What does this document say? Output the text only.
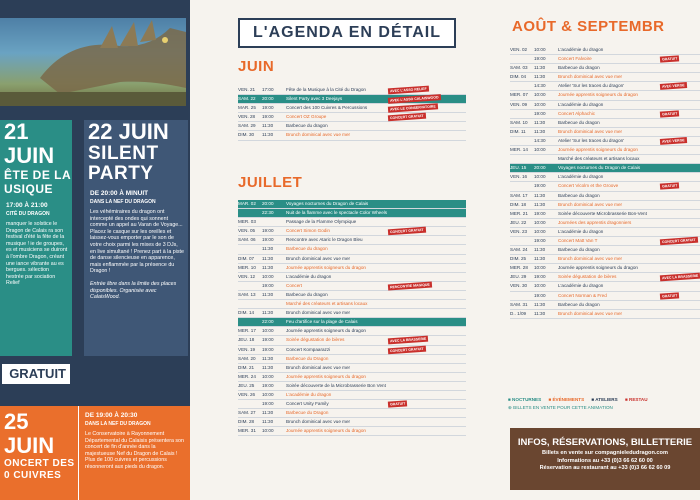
21 JUIN
ÊTE DE LA
USIQUE
17:00 À 21:00
CITÉ DU DRAGON
manquer le solstice le Dragon de Calais ra son festival d'été la fête de la musique ! ie de groupes, es et musiciens se duiront à l'ombre Dragon, créant une iance vibrante au es bergues. sélection hestrée par sociation Relief
GRATUIT
22 JUIN
SILENT
PARTY
DE 20:00 À MINUIT
DANS LA NEF DU DRAGON
Les véhémiraires du dragon ont intercepté des ondes qui sonnent comme un appel au Varan de Voyage... Placez le casque sur les oreilles et laissez-vous emporter par le son de votre choix parmi les mixes de 3 DJs, en live simultané ! Prenez part à la piste de danse silencieuse en apparence, mais enflammée par la présence du Dragon !
Entrée libre dans la limite des places disponibles. Organisée avec CalaisWood.
25 JUIN
ONCERT DES
0 CUIVRES
DE 19:00 À 20:30
DANS LA NEF DU DRAGON
Le Conservatoire à Rayonnement Départemental du Calaisis présentera son concert de fin d'année dans la majestueuse Nef du Dragon de Calais ! Plus de 100 cuivres et percussions résonneront aux pieds du dragon.
L'AGENDA EN DÉTAIL
JUIN
VEN. 21	17:00	Fête de la Musique à la Cité du Dragon	AVEC L'ASSO RELIEF
SAM. 22	20:00	Silent Party avec 3 Deejays	AVEC L'ASSO CALAISWOOD
MAR. 25	19:00	Concert des 100 Cuivres & Percussions	AVEC LE CONSERVATOIRE
VEN. 28	19:00	Concert OZ Groupe	CONCERT GRATUIT
SAM. 29	11:30	Barbecue du dragon
DIM. 30	11:30	Brunch dominical avec vue mer
JUILLET
MAR. 02	20:00	Voyages nocturnes du Dragon de Calais
22:30	Nuit de la flamme avec le spectacle Color Wheels
MER. 03	Passage de la Flamme Olympique
VEN. 05	19:00	Concert Simon Godin	CONCERT GRATUIT
SAM. 06	19:00	Rencontre avec Ataric le Dragon Bleu
11:30	Barbecue du dragon
DIM. 07	11:30	Brunch dominical avec vue mer
MER. 10	11:30	Journée apprentis soigneurs du dragon
VEN. 12	10:00	L'académie du dragon
19:00	Concert	RENCONTRE MAGIQUE
SAM. 13	11:30	Barbecue du dragon
Marché des créateurs et artisans locaux
DIM. 14	11:30	Brunch dominical avec vue mer
22:00	Feu d'artifice sur la plage de Calais
MER. 17	10:00	Journée apprentis soigneurs du dragon
JEU. 18	19:00	Soirée dégustation de bières	AVEC LA BRASSERIE
VEN. 19	19:00	Concert Kompaarazzi	CONCERT GRATUIT
SAM. 20	11:30	Barbecue du Dragon
DIM. 21	11:30	Brunch dominical avec vue mer
MER. 24	10:00	Journée apprentis soigneurs du dragon
JEU. 25	19:00	Soirée découverte de la Microbrasserie Bon Vent
VEN. 26	10:00	L'académie du dragon
19:00	Concert Unity Family	GRATUIT
SAM. 27	11:30	Barbecue du Dragon
DIM. 28	11:30	Brunch dominical avec vue mer
MER. 31	10:00	Journée apprentis soigneurs du dragon
AOÛT & SEPTEMBR
VEN. 02	10:00	L'académie du dragon
19:00	Concert Falvoire	GRATUIT
SAM. 03	11:30	Barbecue du dragon
DIM. 04	11:30	Brunch dominical avec vue mer
14:30	Atelier 'Sur les traces du dragon'	AVEC VERGE
MER. 07	10:00	Journée apprentis soigneurs du dragon
VEN. 09	10:00	L'académie du dragon
19:00	Concert Alphachic	GRATUIT
SAM. 10	11:30	Barbecue du dragon
DIM. 11	11:30	Brunch dominical avec vue mer
14:30	Atelier 'Sur les traces du dragon'	AVEC VERGE
MER. 14	10:00	Journée apprentis soigneurs du dragon
Marché des créateurs et artisans locaux
JEU. 15	20:00	Voyages nocturnes du Dragon de Calais
VEN. 16	10:00	L'académie du dragon
19:00	Concert Vicolm et the Groove	GRATUIT
SAM. 17	11:30	Barbecue du dragon
DIM. 18	11:30	Brunch dominical avec vue mer
MER. 21	19:00	Soirée découverte Microbrasserie Bon-Vent
JEU. 22	10:00	Journées des apprentis dragonniers
VEN. 23	10:00	L'académie du dragon
19:00	Concert Matt Van T	CONCERT GRATUIT
SAM. 24	11:30	Barbecue du dragon
DIM. 25	11:30	Brunch dominical avec vue mer
MER. 28	10:00	Journée apprentis soigneurs du dragon
JEU. 29	19:00	Soirée dégustation de bières	AVEC LA BRASSERIE
VEN. 30	10:00	L'académie du dragon
19:00	Concert Norman & Fred	GRATUIT
SAM. 31	11:30	Barbecue du dragon
D.. 1/09	11:30	Brunch dominical avec vue mer
■ NOCTURNES ■ ÉVÉNEMENTS ■ ATELIERS ■ RESTAU
⊕ BILLETS EN VENTE POUR CETTE ANIMATION
INFOS, RÉSERVATIONS, BILLETTERIE
Billets en vente sur compagnieledudragon.com
Informations au +33 (0)3 66 62 60 00
Réservation au restaurant au +33 (0)3 66 62 60 09
